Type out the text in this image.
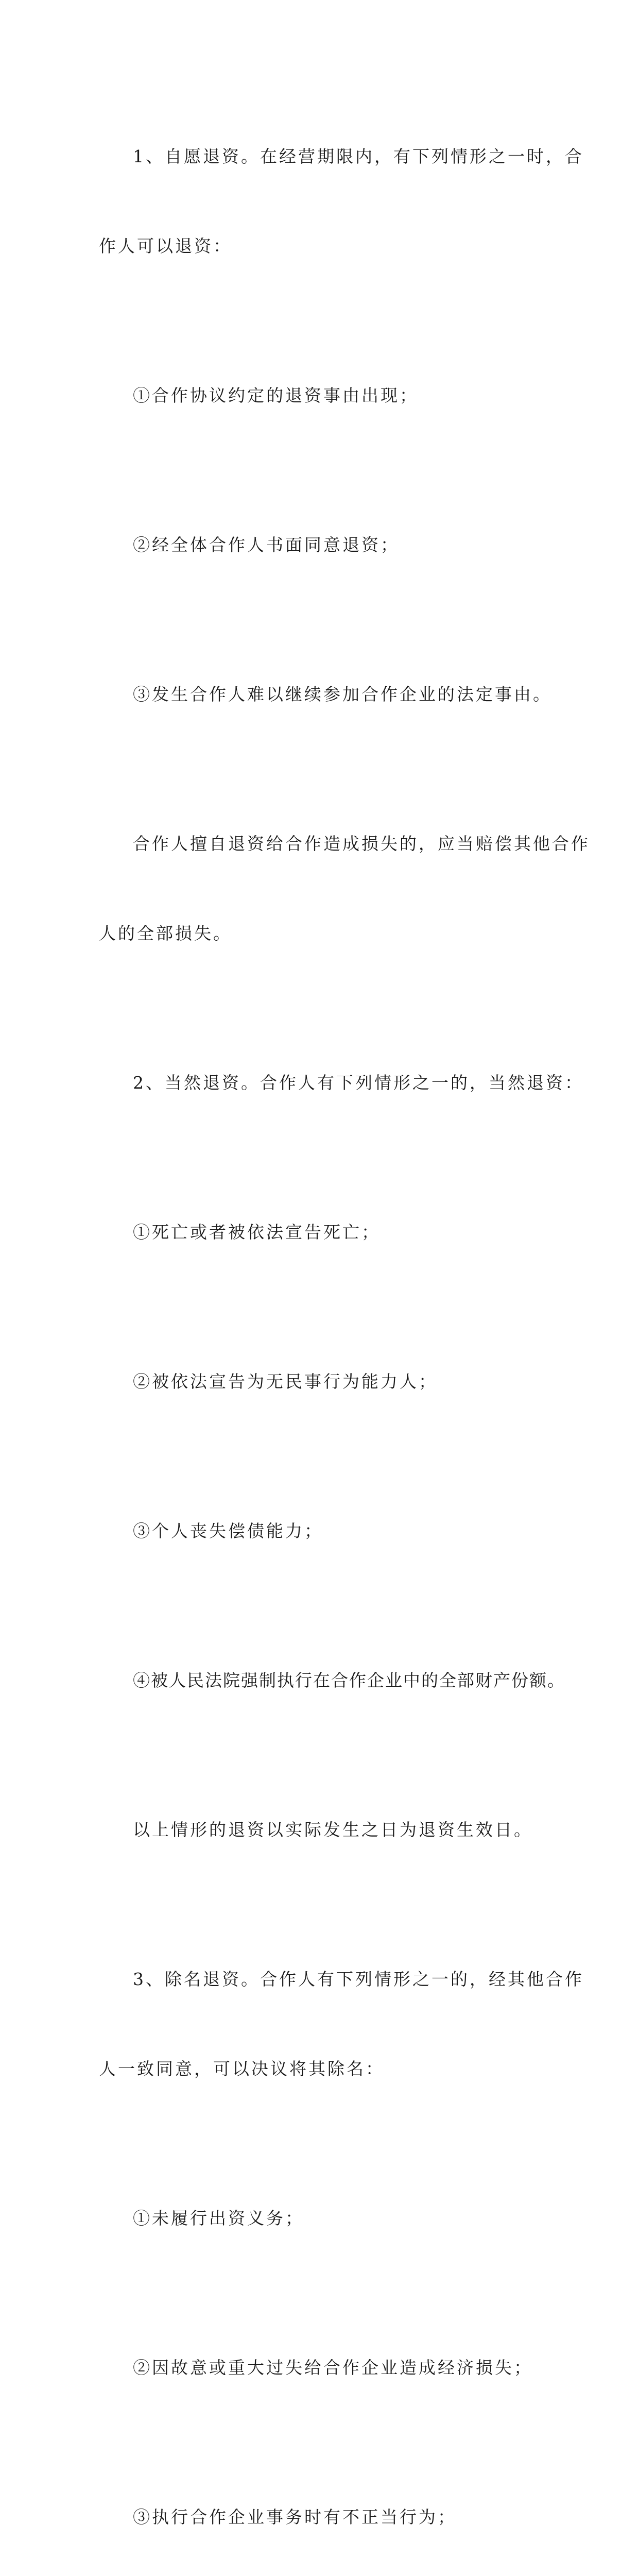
1、自愿退资。在经营期限内，有下列情形之一时，合

作人可以退资：

①合作协议约定的退资事由出现；

②经全体合作人书面同意退资；

③发生合作人难以继续参加合作企业的法定事由。

合作人擅自退资给合作造成损失的，应当赔偿其他合作

人的全部损失。

2、当然退资。合作人有下列情形之一的，当然退资：

①死亡或者被依法宣告死亡；

②被依法宣告为无民事行为能力人；

③个人丧失偿债能力；

④被人民法院强制执行在合作企业中的全部财产份额。

以上情形的退资以实际发生之日为退资生效日。

3、除名退资。合作人有下列情形之一的，经其他合作

人一致同意，可以决议将其除名：

①未履行出资义务；

②因故意或重大过失给合作企业造成经济损失；

③执行合作企业事务时有不正当行为；
